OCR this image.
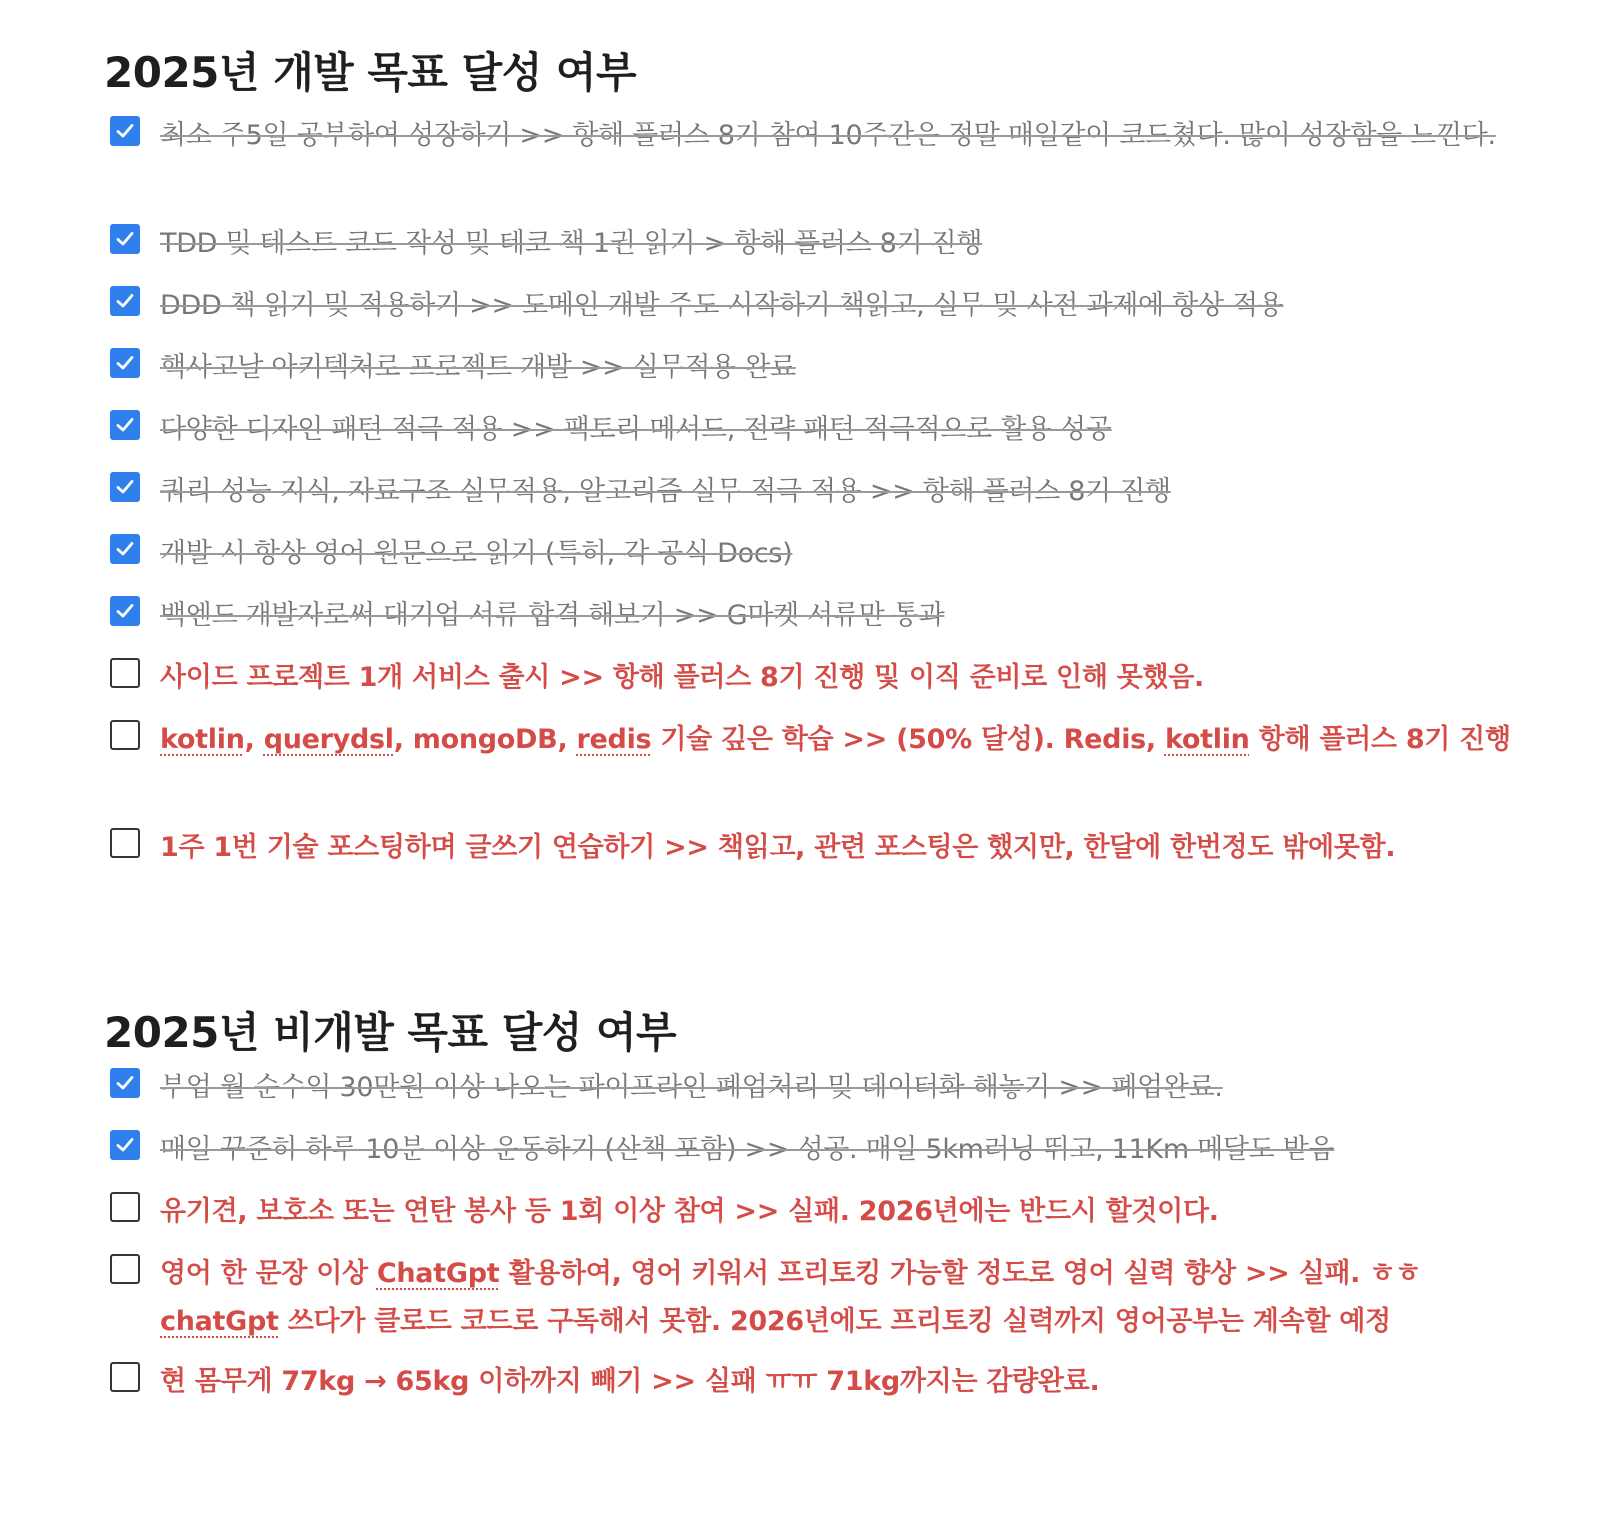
2025년 개발 목표 달성 여부
최소 주5일 공부하여 성장하기 >> 항해 플러스 8기 참여 10주간은 정말 매일같이 코드쳤다. 많이 성장함을 느낀다.
TDD 및 테스트 코드 작성 및 테코 책 1권 읽기 > 항해 플러스 8기 진행
DDD 책 읽기 및 적용하기 >> 도메인 개발 주도 시작하기 책읽고, 실무 및 사전 과제에 항상 적용
핵사고날 아키텍처로 프로젝트 개발 >> 실무적용 완료
다양한 디자인 패턴 적극 적용 >> 팩토리 메서드, 전략 패턴 적극적으로 활용 성공
쿼리 성능 지식, 자료구조 실무적용, 알고리즘 실무 적극 적용 >> 항해 플러스 8기 진행
개발 시 항상 영어 원문으로 읽기 (특히, 각 공식 Docs)
백엔드 개발자로써 대기업 서류 합격 해보기 >> G마켓 서류만 통과
사이드 프로젝트 1개 서비스 출시 >> 항해 플러스 8기 진행 및 이직 준비로 인해 못했음.
kotlin, querydsl, mongoDB, redis 기술 깊은 학습 >> (50% 달성). Redis, kotlin 항해 플러스 8기 진행
1주 1번 기술 포스팅하며 글쓰기 연습하기 >> 책읽고, 관련 포스팅은 했지만, 한달에 한번정도 밖에못함.
2025년 비개발 목표 달성 여부
부업 월 순수익 30만원 이상 나오는 파이프라인 폐업처리 및 데이터화 해놓기 >> 폐업완료.
매일 꾸준히 하루 10분 이상 운동하기 (산책 포함) >> 성공. 매일 5km러닝 뛰고, 11Km 메달도 받음
유기견, 보호소 또는 연탄 봉사 등 1회 이상 참여 >> 실패. 2026년에는 반드시 할것이다.
영어 한 문장 이상 ChatGpt 활용하여, 영어 키워서 프리토킹 가능할 정도로 영어 실력 향상 >> 실패. ㅎㅎ chatGpt 쓰다가 클로드 코드로 구독해서 못함. 2026년에도 프리토킹 실력까지 영어공부는 계속할 예정
현 몸무게 77kg → 65kg 이하까지 빼기 >> 실패 ㅠㅠ 71kg까지는 감량완료.
